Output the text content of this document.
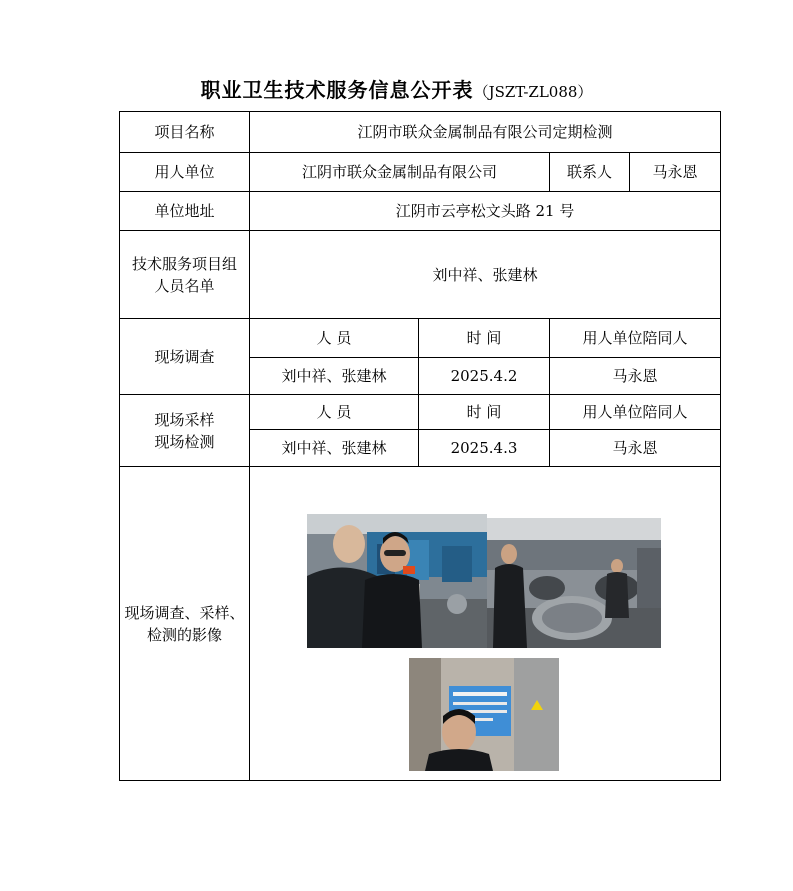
职业卫生技术服务信息公开表（JSZT-ZL088）
项目名称	江阴市联众金属制品有限公司定期检测			
用人单位	江阴市联众金属制品有限公司		联系人	马永恩
单位地址	江阴市云亭松文头路 21 号			

技术服务项目组
人员名单	刘中祥、张建林			
现场调查	人 员	时 间	用人单位陪同人	
	刘中祥、张建林	2025.4.2	马永恩	

现场采样
现场检测	人 员	时 间	用人单位陪同人	
	刘中祥、张建林	2025.4.3	马永恩	

现场调查、采样、
检测的影像
